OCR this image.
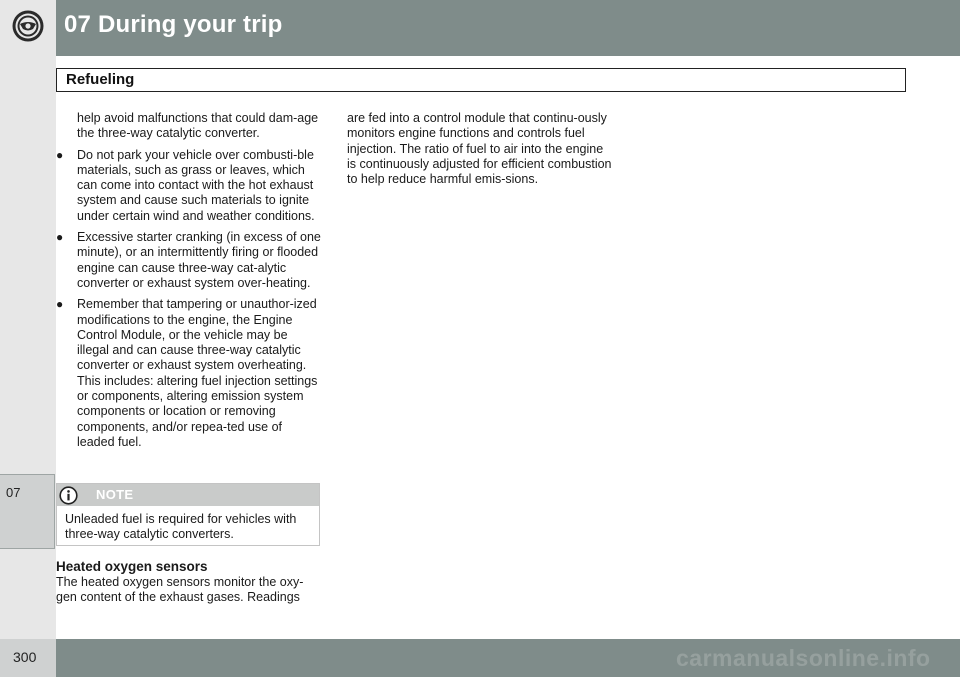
07 During your trip
07
Refueling

help avoid malfunctions that could dam-age the three-way catalytic converter.

● Do not park your vehicle over combusti-ble materials, such as grass or leaves, which can come into contact with the hot exhaust system and cause such materials to ignite under certain wind and weather conditions.
● Excessive starter cranking (in excess of one minute), or an intermittently firing or flooded engine can cause three-way cat-alytic converter or exhaust system over-heating.
● Remember that tampering or unauthor-ized modifications to the engine, the Engine Control Module, or the vehicle may be illegal and can cause three-way catalytic converter or exhaust system overheating. This includes: altering fuel injection settings or components, altering emission system components or location or removing components, and/or repea-ted use of leaded fuel.
NOTE
Unleaded fuel is required for vehicles with three-way catalytic converters.
Heated oxygen sensors
The heated oxygen sensors monitor the oxy-gen content of the exhaust gases. Readings

are fed into a control module that continu-ously monitors engine functions and controls fuel injection. The ratio of fuel to air into the engine is continuously adjusted for efficient combustion to help reduce harmful emis-sions.

300	carmanualsonline.info
